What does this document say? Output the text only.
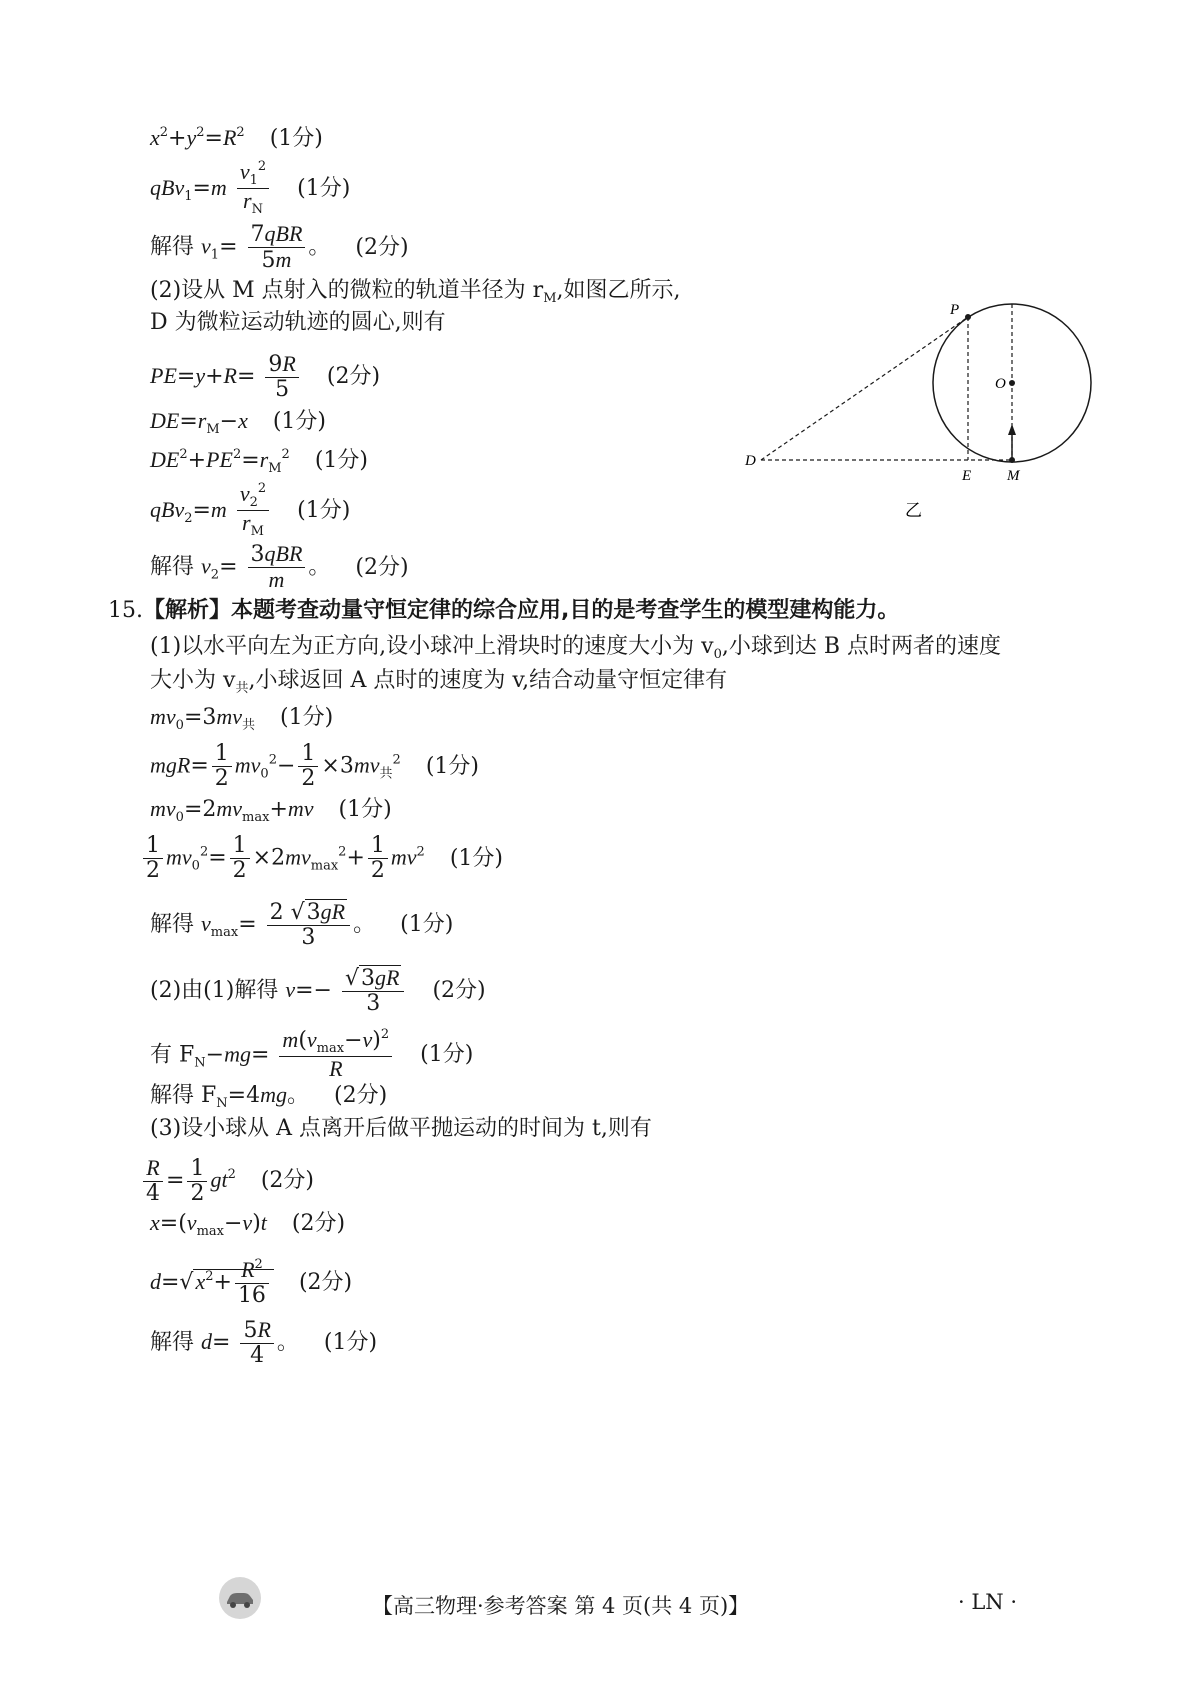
$x^2+y^2=R^2$ (1分)
$qBv_1=m \frac{v_1^2}{r_N} (1$分)
解得 $v_1= \frac{\text{7qBR}}{5m}$ 。 (2分)
(2)设从 M 点射入的微粒的轨道半径为 $r_M$,如图乙所示,
D 为微粒运动轨迹的圆心,则有
$PE=y+R= \frac{9R}{5} (2$分)
$DE=r_M-x$ (1分)
$DE^2+PE^2=r_M^2$ (1分)
$qBv_2=m \frac{v_2^2}{r_M} (1$分)
解得 $v_2= \frac{\text{3qBR}}{m}$ 。 (2分)
P
O
D
E M
乙
15.【解析】本题考查动量守恒定律的综合应用,目的是考查学生的模型建构能力。
(1)以水平向左为正方向,设小球冲上滑块时的速度大小为 $v_0$,小球到达 B 点时两者的速度
大小为 $v_共$,小球返回 A 点时的速度为 v,结合动量守恒定律有
$mv_0=3mv_共$ (1分)
$mgR= \frac{1}{2} mv_0^2- \frac{1}{2} \times 3mv_共^2$ (1分)
$mv_0=2mv_{max}+mv$ (1分)
$\frac{1}{2} mv_0^2= \frac{1}{2} \times 2mv_{max}^2+ \frac{1}{2} mv^2$ (1分)
解得 $v_{max}= \frac{2 √3gR}{3}$ 。 (1分)
(2)由(1)解得 $v=- \frac{√3gR}{3} (2$分)
有 $F_N-mg= \frac{m(v_{max}-v)^2}{R} (1$分)
解得 $F_N=4mg$。 (2分)
(3)设小球从 A 点离开后做平抛运动的时间为 t,则有
$\frac{R}{4} = \frac{1}{2} gt^2$ (2分)
$x=(v_{max}-v)t$ (2分)
$d=√x^2+ \frac{R^2}{16} (2$分)
解得 $d= \frac{5R}{4}$ 。 (1分)
【高三物理·参考答案 第 4 页(共 4 页)】	· LN ·
